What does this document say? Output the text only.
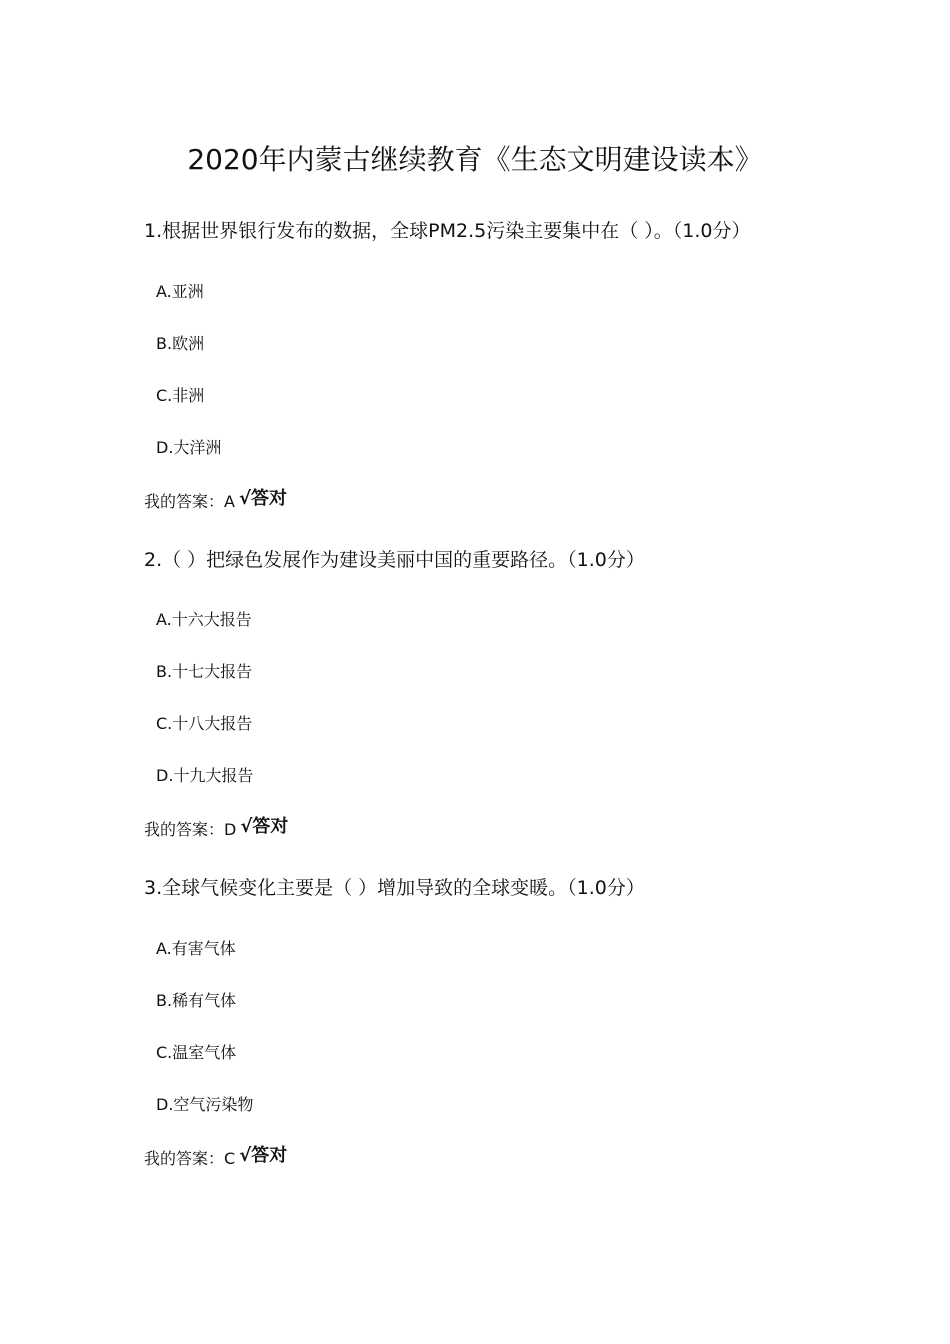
2020年内蒙古继续教育《生态文明建设读本》
1.根据世界银行发布的数据，全球PM2.5污染主要集中在（ ）。（1.0分）
A.亚洲
B.欧洲
C.非洲
D.大洋洲
我的答案：A √答对
2.（ ）把绿色发展作为建设美丽中国的重要路径。（1.0分）
A.十六大报告
B.十七大报告
C.十八大报告
D.十九大报告
我的答案：D √答对
3.全球气候变化主要是（ ）增加导致的全球变暖。（1.0分）
A.有害气体
B.稀有气体
C.温室气体
D.空气污染物
我的答案：C √答对
